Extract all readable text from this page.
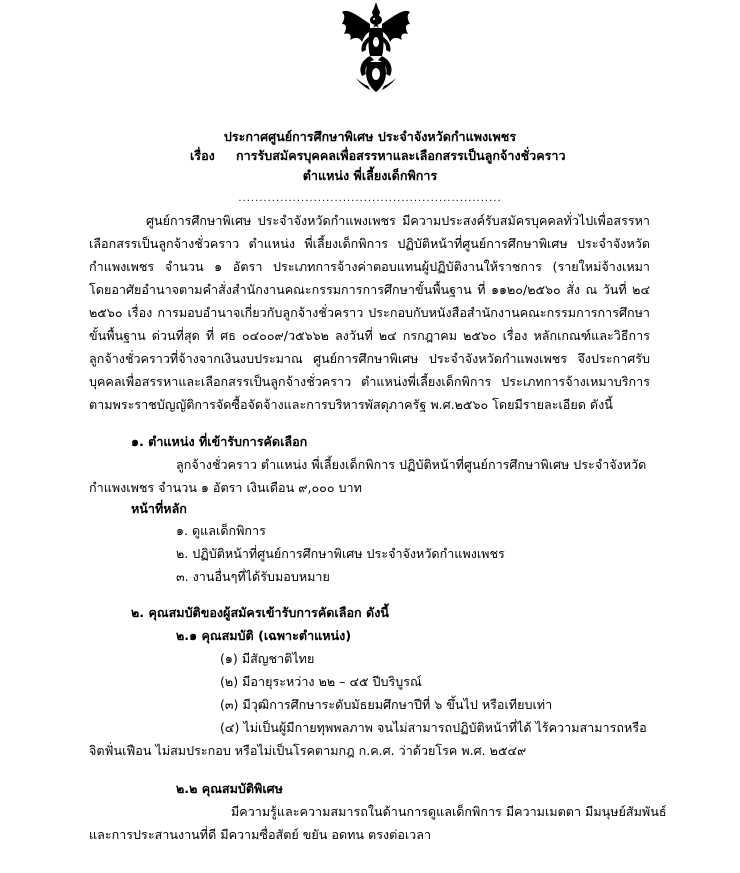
ประกาศศูนย์การศึกษาพิเศษ ประจำจังหวัดกำแพงเพชร
เรื่อง การรับสมัครบุคคลเพื่อสรรหาและเลือกสรรเป็นลูกจ้างชั่วคราว
ตำแหน่ง พี่เลี้ยงเด็กพิการ
...............................................................
ศูนย์การศึกษาพิเศษ ประจำจังหวัดกำแพงเพชร มีความประสงค์รับสมัครบุคคลทั่วไปเพื่อสรรหา
เลือกสรรเป็นลูกจ้างชั่วคราว ตำแหน่ง พี่เลี้ยงเด็กพิการ ปฏิบัติหน้าที่ศูนย์การศึกษาพิเศษ ประจำจังหวัด
กำแพงเพชร จำนวน ๑ อัตรา ประเภทการจ้างค่าตอบแทนผู้ปฏิบัติงานให้ราชการ (รายใหม่จ้างเหมา
โดยอาศัยอำนาจตามคำสั่งสำนักงานคณะกรรมการการศึกษาขั้นพื้นฐาน ที่ ๑๑๒๐/๒๕๖๐ สั่ง ณ วันที่ ๒๔
๒๕๖๐ เรื่อง การมอบอำนาจเกี่ยวกับลูกจ้างชั่วคราว ประกอบกับหนังสือสำนักงานคณะกรรมการการศึกษา
ขั้นพื้นฐาน ด่วนที่สุด ที่ ศธ ๐๔๐๐๙/ว๕๖๖๒ ลงวันที่ ๒๔ กรกฎาคม ๒๕๖๐ เรื่อง หลักเกณฑ์และวิธีการ
ลูกจ้างชั่วคราวที่จ้างจากเงินงบประมาณ ศูนย์การศึกษาพิเศษ ประจำจังหวัดกำแพงเพชร จึงประกาศรับ
บุคคลเพื่อสรรหาและเลือกสรรเป็นลูกจ้างชั่วคราว ตำแหน่งพี่เลี้ยงเด็กพิการ ประเภทการจ้างเหมาบริการ
ตามพระราชบัญญัติการจัดซื้อจัดจ้างและการบริหารพัสดุภาครัฐ พ.ศ.๒๕๖๐ โดยมีรายละเอียด ดังนี้
๑. ตำแหน่ง ที่เข้ารับการคัดเลือก
ลูกจ้างชั่วคราว ตำแหน่ง พี่เลี้ยงเด็กพิการ ปฏิบัติหน้าที่ศูนย์การศึกษาพิเศษ ประจำจังหวัด
กำแพงเพชร จำนวน ๑ อัตรา เงินเดือน ๙,๐๐๐ บาท
หน้าที่หลัก
๑. ดูแลเด็กพิการ
๒. ปฏิบัติหน้าที่ศูนย์การศึกษาพิเศษ ประจำจังหวัดกำแพงเพชร
๓. งานอื่นๆที่ได้รับมอบหมาย
๒. คุณสมบัติของผู้สมัครเข้ารับการคัดเลือก ดังนี้
๒.๑ คุณสมบัติ (เฉพาะตำแหน่ง)
(๑) มีสัญชาติไทย
(๒) มีอายุระหว่าง ๒๒ – ๔๕ ปีบริบูรณ์
(๓) มีวุฒิการศึกษาระดับมัธยมศึกษาปีที่ ๖ ขึ้นไป หรือเทียบเท่า
(๔) ไม่เป็นผู้มีกายทุพพลภาพ จนไม่สามารถปฏิบัติหน้าที่ได้ ไร้ความสามารถหรือ
จิตฟั่นเฟือน ไม่สมประกอบ หรือไม่เป็นโรคตามกฎ ก.ค.ศ. ว่าด้วยโรค พ.ศ. ๒๕๔๙
๒.๒ คุณสมบัติพิเศษ
มีความรู้และความสมารถในด้านการดูแลเด็กพิการ มีความเมตตา มีมนุษย์สัมพันธ์
และการประสานงานที่ดี มีความซื่อสัตย์ ขยัน อดทน ตรงต่อเวลา
